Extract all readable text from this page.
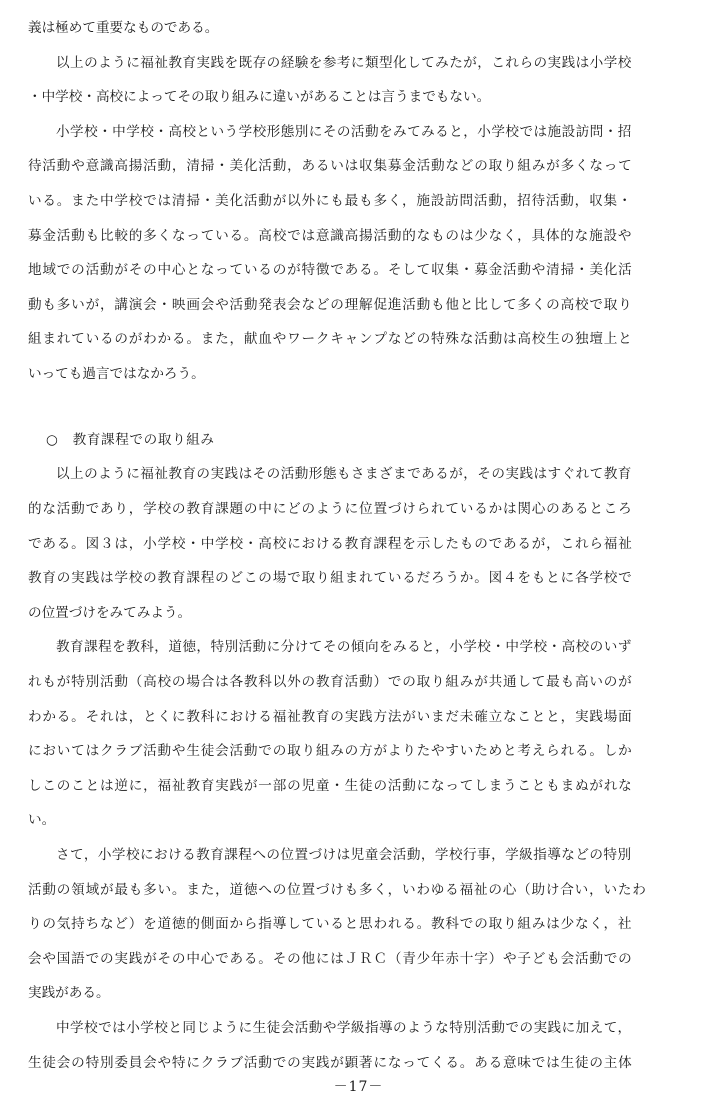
義は極めて重要なものである。

以上のように福祉教育実践を既存の経験を参考に類型化してみたが，これらの実践は小学校

・中学校・高校によってその取り組みに違いがあることは言うまでもない。

小学校・中学校・高校という学校形態別にその活動をみてみると，小学校では施設訪問・招

待活動や意識高揚活動，清掃・美化活動，あるいは収集募金活動などの取り組みが多くなって

いる。また中学校では清掃・美化活動が以外にも最も多く，施設訪問活動，招待活動，収集・

募金活動も比較的多くなっている。高校では意識高揚活動的なものは少なく，具体的な施設や

地域での活動がその中心となっているのが特徴である。そして収集・募金活動や清掃・美化活

動も多いが，講演会・映画会や活動発表会などの理解促進活動も他と比して多くの高校で取り

組まれているのがわかる。また，献血やワークキャンプなどの特殊な活動は高校生の独壇上と

いっても過言ではなかろう。

○　教育課程での取り組み

以上のように福祉教育の実践はその活動形態もさまざまであるが，その実践はすぐれて教育

的な活動であり，学校の教育課題の中にどのように位置づけられているかは関心のあるところ

である。図３は，小学校・中学校・高校における教育課程を示したものであるが，これら福祉

教育の実践は学校の教育課程のどこの場で取り組まれているだろうか。図４をもとに各学校で

の位置づけをみてみよう。

教育課程を教科，道徳，特別活動に分けてその傾向をみると，小学校・中学校・高校のいず

れもが特別活動（高校の場合は各教科以外の教育活動）での取り組みが共通して最も高いのが

わかる。それは，とくに教科における福祉教育の実践方法がいまだ未確立なことと，実践場面

においてはクラブ活動や生徒会活動での取り組みの方がよりたやすいためと考えられる。しか

しこのことは逆に，福祉教育実践が一部の児童・生徒の活動になってしまうこともまぬがれな

い。

さて，小学校における教育課程への位置づけは児童会活動，学校行事，学級指導などの特別

活動の領域が最も多い。また，道徳への位置づけも多く，いわゆる福祉の心（助け合い，いたわ

りの気持ちなど）を道徳的側面から指導していると思われる。教科での取り組みは少なく，社

会や国語での実践がその中心である。その他にはＪＲＣ（青少年赤十字）や子ども会活動での

実践がある。

中学校では小学校と同じように生徒会活動や学級指導のような特別活動での実践に加えて，

生徒会の特別委員会や特にクラブ活動での実践が顕著になってくる。ある意味では生徒の主体

－17－
